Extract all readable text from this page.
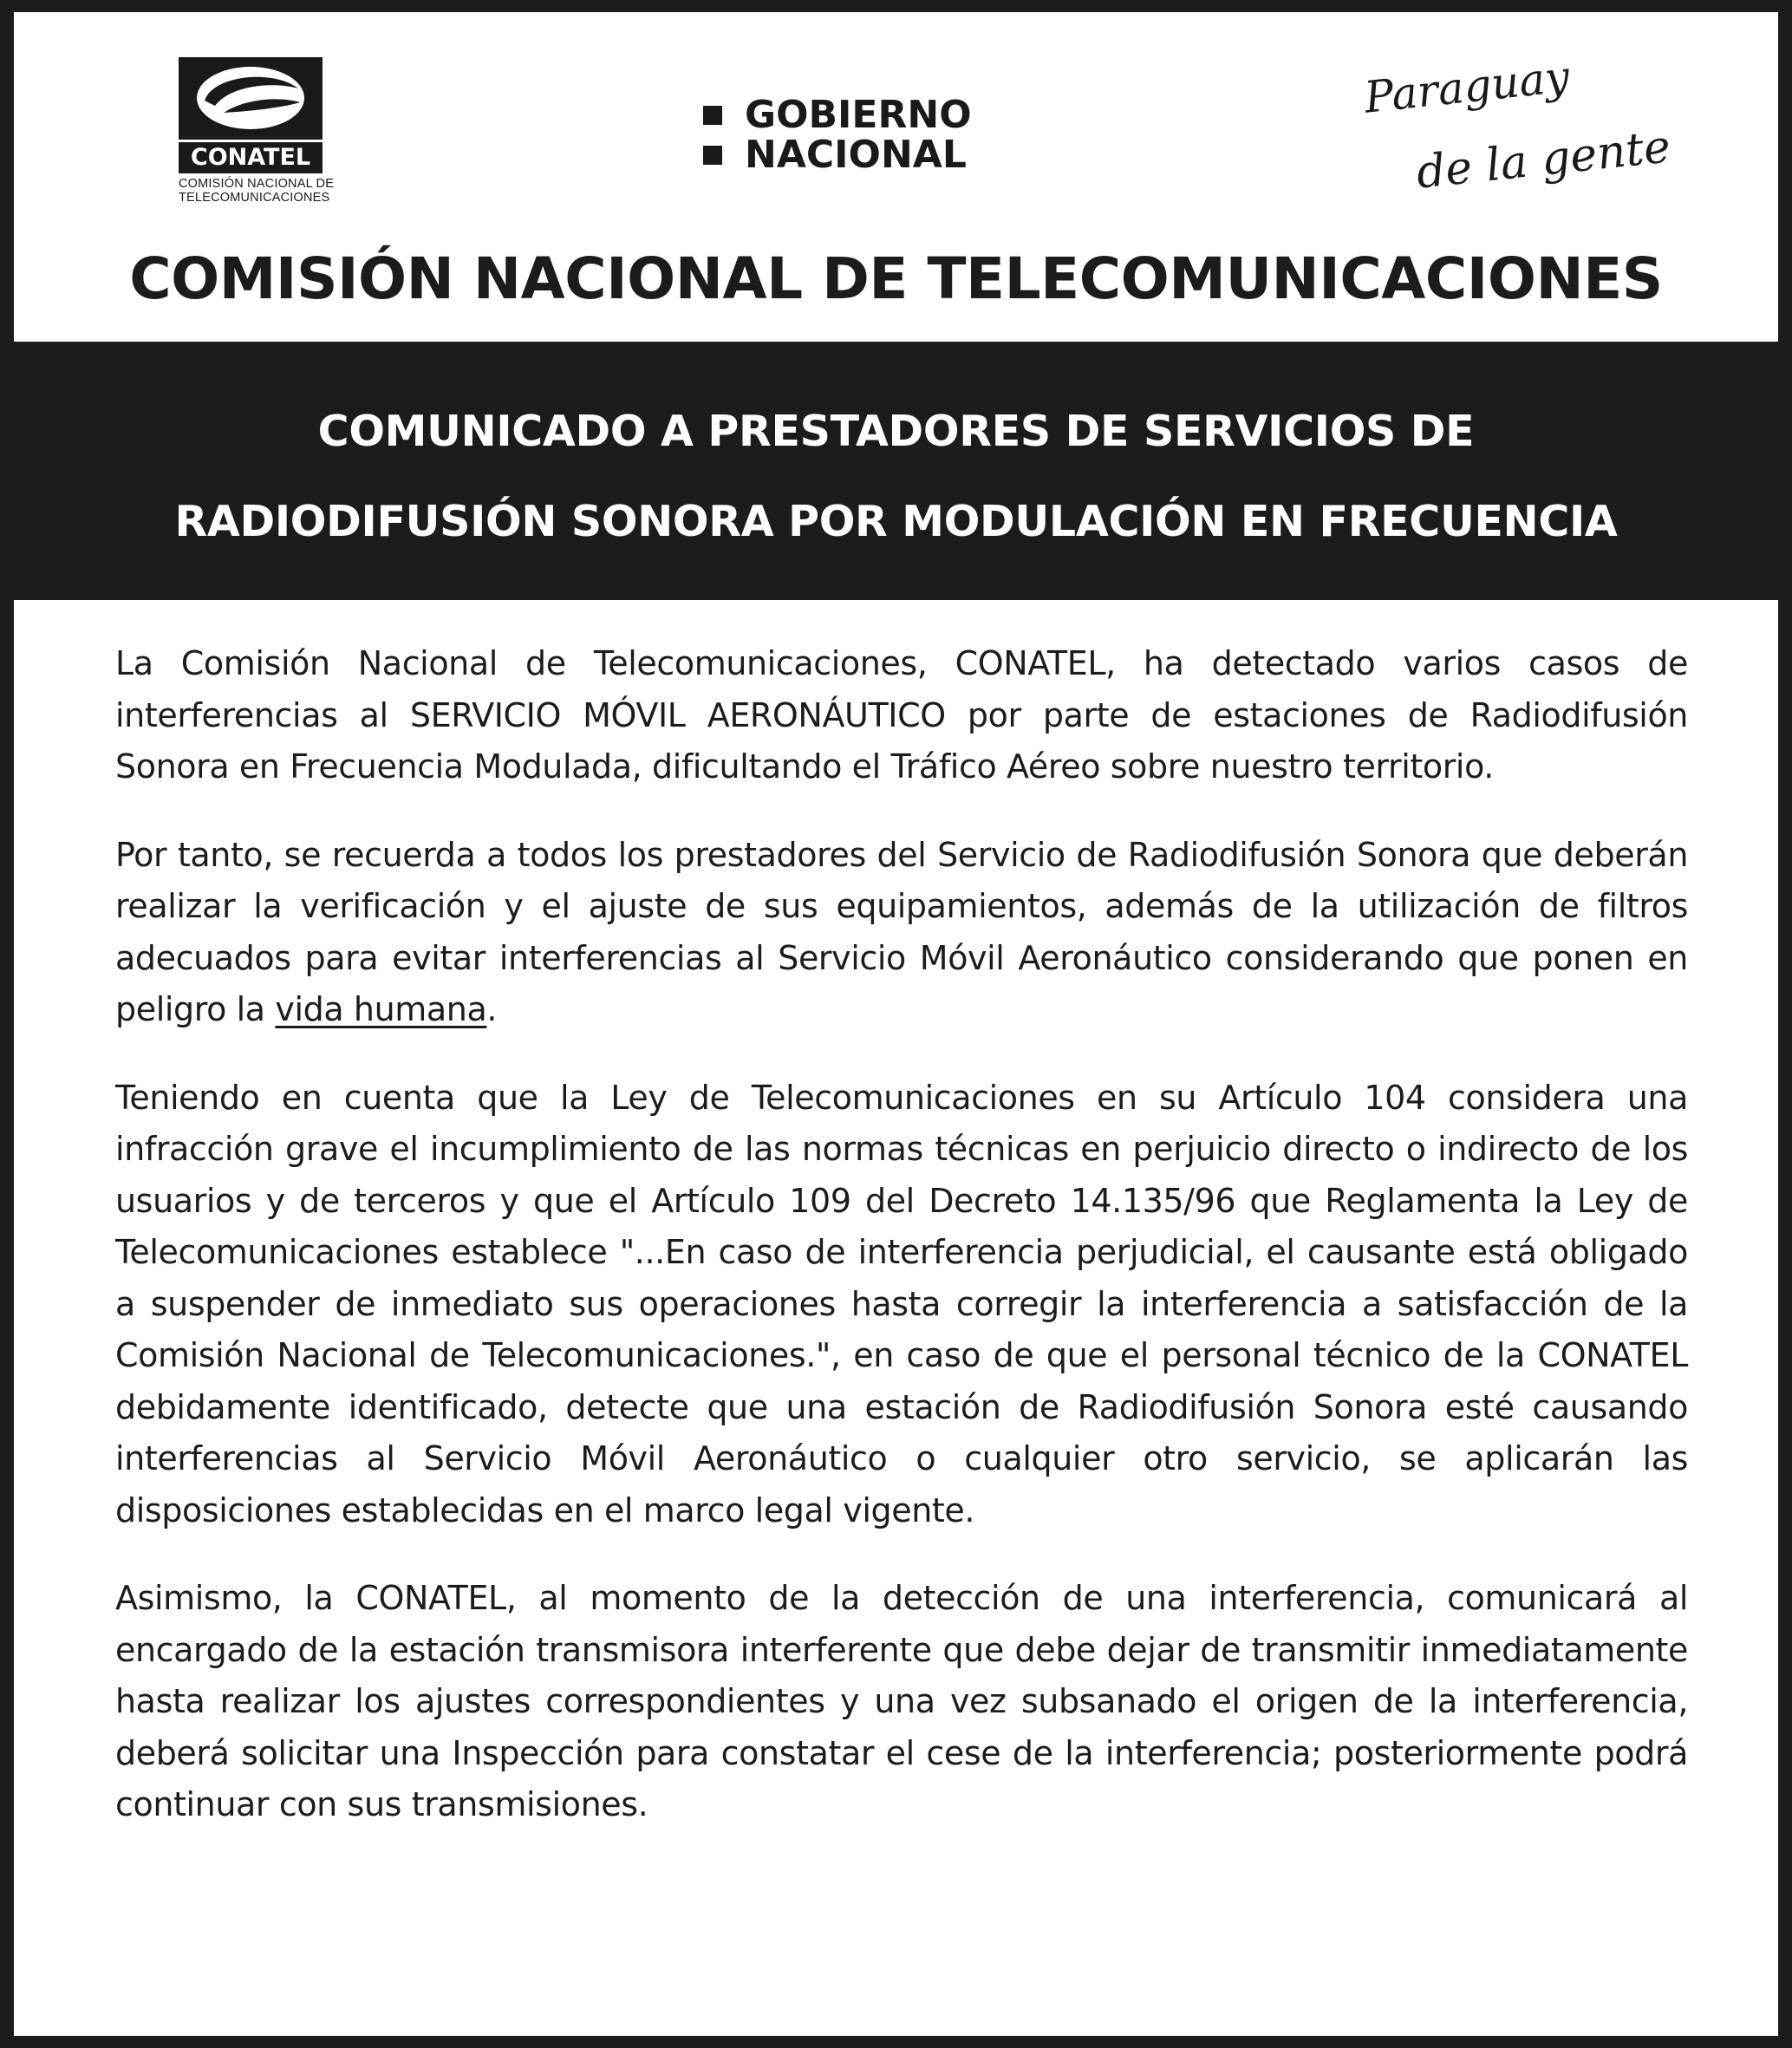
CONATEL
COMISIÓN NACIONAL DE
TELECOMUNICACIONES
GOBIERNO
NACIONAL
Paraguay
de la gente
COMISIÓN NACIONAL DE TELECOMUNICACIONES
COMUNICADO A PRESTADORES DE SERVICIOS DE
RADIODIFUSIÓN SONORA POR MODULACIÓN EN FRECUENCIA

La Comisión Nacional de Telecomunicaciones, CONATEL, ha detectado varios casos de interferencias al SERVICIO MÓVIL AERONÁUTICO por parte de estaciones de Radiodifusión Sonora en Frecuencia Modulada, dificultando el Tráfico Aéreo sobre nuestro territorio.

Por tanto, se recuerda a todos los prestadores del Servicio de Radiodifusión Sonora que deberán realizar la verificación y el ajuste de sus equipamientos, además de la utilización de filtros adecuados para evitar interferencias al Servicio Móvil Aeronáutico considerando que ponen en peligro la vida humana.

Teniendo en cuenta que la Ley de Telecomunicaciones en su Artículo 104 considera una infracción grave el incumplimiento de las normas técnicas en perjuicio directo o indirecto de los usuarios y de terceros y que el Artículo 109 del Decreto 14.135/96 que Reglamenta la Ley de Telecomunicaciones establece "...En caso de interferencia perjudicial, el causante está obligado a suspender de inmediato sus operaciones hasta corregir la interferencia a satisfacción de la Comisión Nacional de Telecomunicaciones.", en caso de que el personal técnico de la CONATEL debidamente identificado, detecte que una estación de Radiodifusión Sonora esté causando interferencias al Servicio Móvil Aeronáutico o cualquier otro servicio, se aplicarán las disposiciones establecidas en el marco legal vigente.

Asimismo, la CONATEL, al momento de la detección de una interferencia, comunicará al encargado de la estación transmisora interferente que debe dejar de transmitir inmediatamente hasta realizar los ajustes correspondientes y una vez subsanado el origen de la interferencia, deberá solicitar una Inspección para constatar el cese de la interferencia; posteriormente podrá continuar con sus transmisiones.
